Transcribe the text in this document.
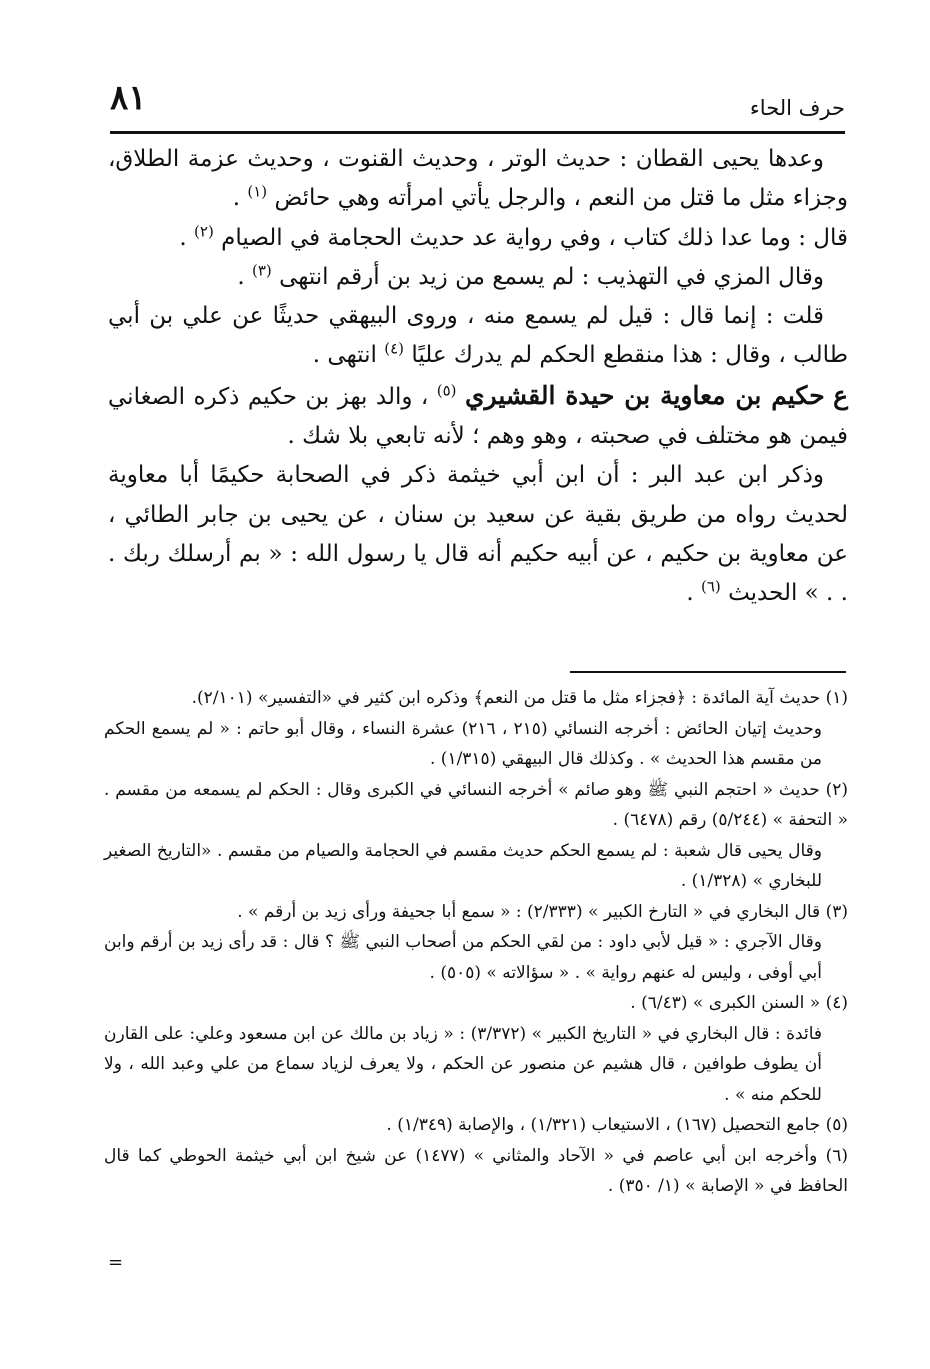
حرف الحاء
٨١

وعدها يحيى القطان : حديث الوتر ، وحديث القنوت ، وحديث عزمة الطلاق، وجزاء مثل ما قتل من النعم ، والرجل يأتي امرأته وهي حائض $^{(١)}$ .

قال : وما عدا ذلك كتاب ، وفي رواية عد حديث الحجامة في الصيام $^{(٢)}$ .

وقال المزي في التهذيب : لم يسمع من زيد بن أرقم انتهى $^{(٣)}$ .

قلت : إنما قال : قيل لم يسمع منه ، وروى البيهقي حديثًا عن علي بن أبي طالب ، وقال : هذا منقطع الحكم لم يدرك عليًا $^{(٤)}$ انتهى .

ع حكيم بن معاوية بن حيدة القشيري $^{(٥)}$ ، والد بهز بن حكيم ذكره الصغاني فيمن هو مختلف في صحبته ، وهو وهم ؛ لأنه تابعي بلا شك .

وذكر ابن عبد البر : أن ابن أبي خيثمة ذكر في الصحابة حكيمًا أبا معاوية لحديث رواه من طريق بقية عن سعيد بن سنان ، عن يحيى بن جابر الطائي ، عن معاوية بن حكيم ، عن أبيه حكيم أنه قال يا رسول الله : « بم أرسلك ربك . . . » الحديث $^{(٦)}$ .

(١) حديث آية المائدة : ﴿فجزاء مثل ما قتل من النعم﴾ وذكره ابن كثير في «التفسير» (٢/١٠١).

وحديث إتيان الحائض : أخرجه النسائي (٢١٥ ، ٢١٦) عشرة النساء ، وقال أبو حاتم : « لم يسمع الحكم من مقسم هذا الحديث » . وكذلك قال البيهقي (١/٣١٥) .

(٢) حديث « احتجم النبي ﷺ وهو صائم » أخرجه النسائي في الكبرى وقال : الحكم لم يسمعه من مقسم . « التحفة » (٥/٢٤٤) رقم (٦٤٧٨) .

وقال يحيى قال شعبة : لم يسمع الحكم حديث مقسم في الحجامة والصيام من مقسم . «التاريخ الصغير للبخاري » (١/٣٢٨) .

(٣) قال البخاري في « التارخ الكبير » (٢/٣٣٣) : « سمع أبا جحيفة ورأى زيد بن أرقم » .

وقال الآجري : « قيل لأبي داود : من لقي الحكم من أصحاب النبي ﷺ ؟ قال : قد رأى زيد بن أرقم وابن أبي أوفى ، وليس له عنهم رواية » . « سؤالاته » (٥٠٥) .

(٤) « السنن الكبرى » (٦/٤٣) .

فائدة : قال البخاري في « التاريخ الكبير » (٣/٣٧٢) : « زياد بن مالك عن ابن مسعود وعلي: على القارن أن يطوف طوافين ، قال هشيم عن منصور عن الحكم ، ولا يعرف لزياد سماع من علي وعبد الله ، ولا للحكم منه » .

(٥) جامع التحصيل (١٦٧) ، الاستيعاب (١/٣٢١) ، والإصابة (١/٣٤٩) .

(٦) وأخرجه ابن أبي عاصم في « الآحاد والمثاني » (١٤٧٧) عن شيخ ابن أبي خيثمة الحوطي كما قال الحافظ في « الإصابة » (١/ ٣٥٠) .

=
